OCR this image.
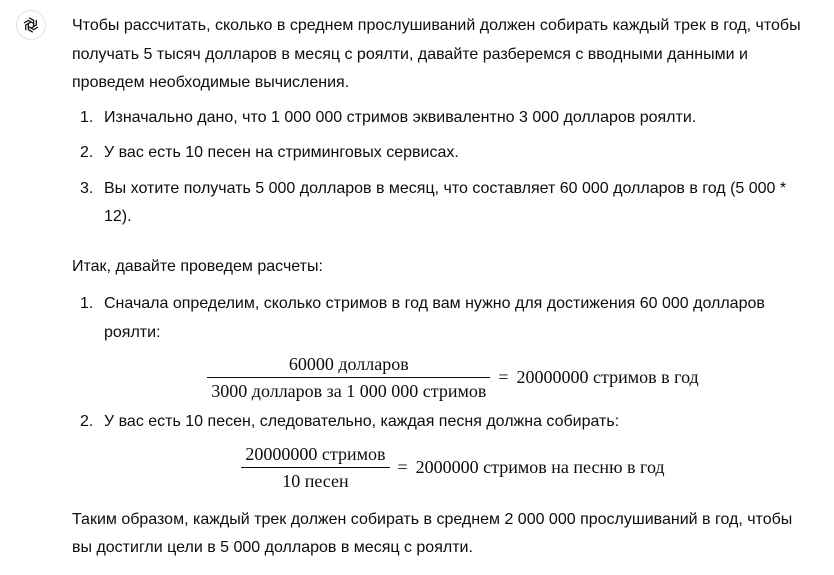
Чтобы рассчитать, сколько в среднем прослушиваний должен собирать каждый трек в год, чтобы получать 5 тысяч долларов в месяц с роялти, давайте разберемся с вводными данными и проведем необходимые вычисления.

1. Изначально дано, что 1 000 000 стримов эквивалентно 3 000 долларов роялти.
2. У вас есть 10 песен на стриминговых сервисах.
3. Вы хотите получать 5 000 долларов в месяц, что составляет 60 000 долларов в год (5 000 * 12).

Итак, давайте проведем расчеты:

1. Сначала определим, сколько стримов в год вам нужно для достижения 60 000 долларов роялти:
$\frac{\text{60000 долларов}}{\text{3000 долларов за 1 000 000 стримов}} = 20000000$ стримов в год
2. У вас есть 10 песен, следовательно, каждая песня должна собирать:
$\frac{\text{20000000 стримов}}{\text{10 песен}} = 2000000$ стримов на песню в год

Таким образом, каждый трек должен собирать в среднем 2 000 000 прослушиваний в год, чтобы вы достигли цели в 5 000 долларов в месяц с роялти.
